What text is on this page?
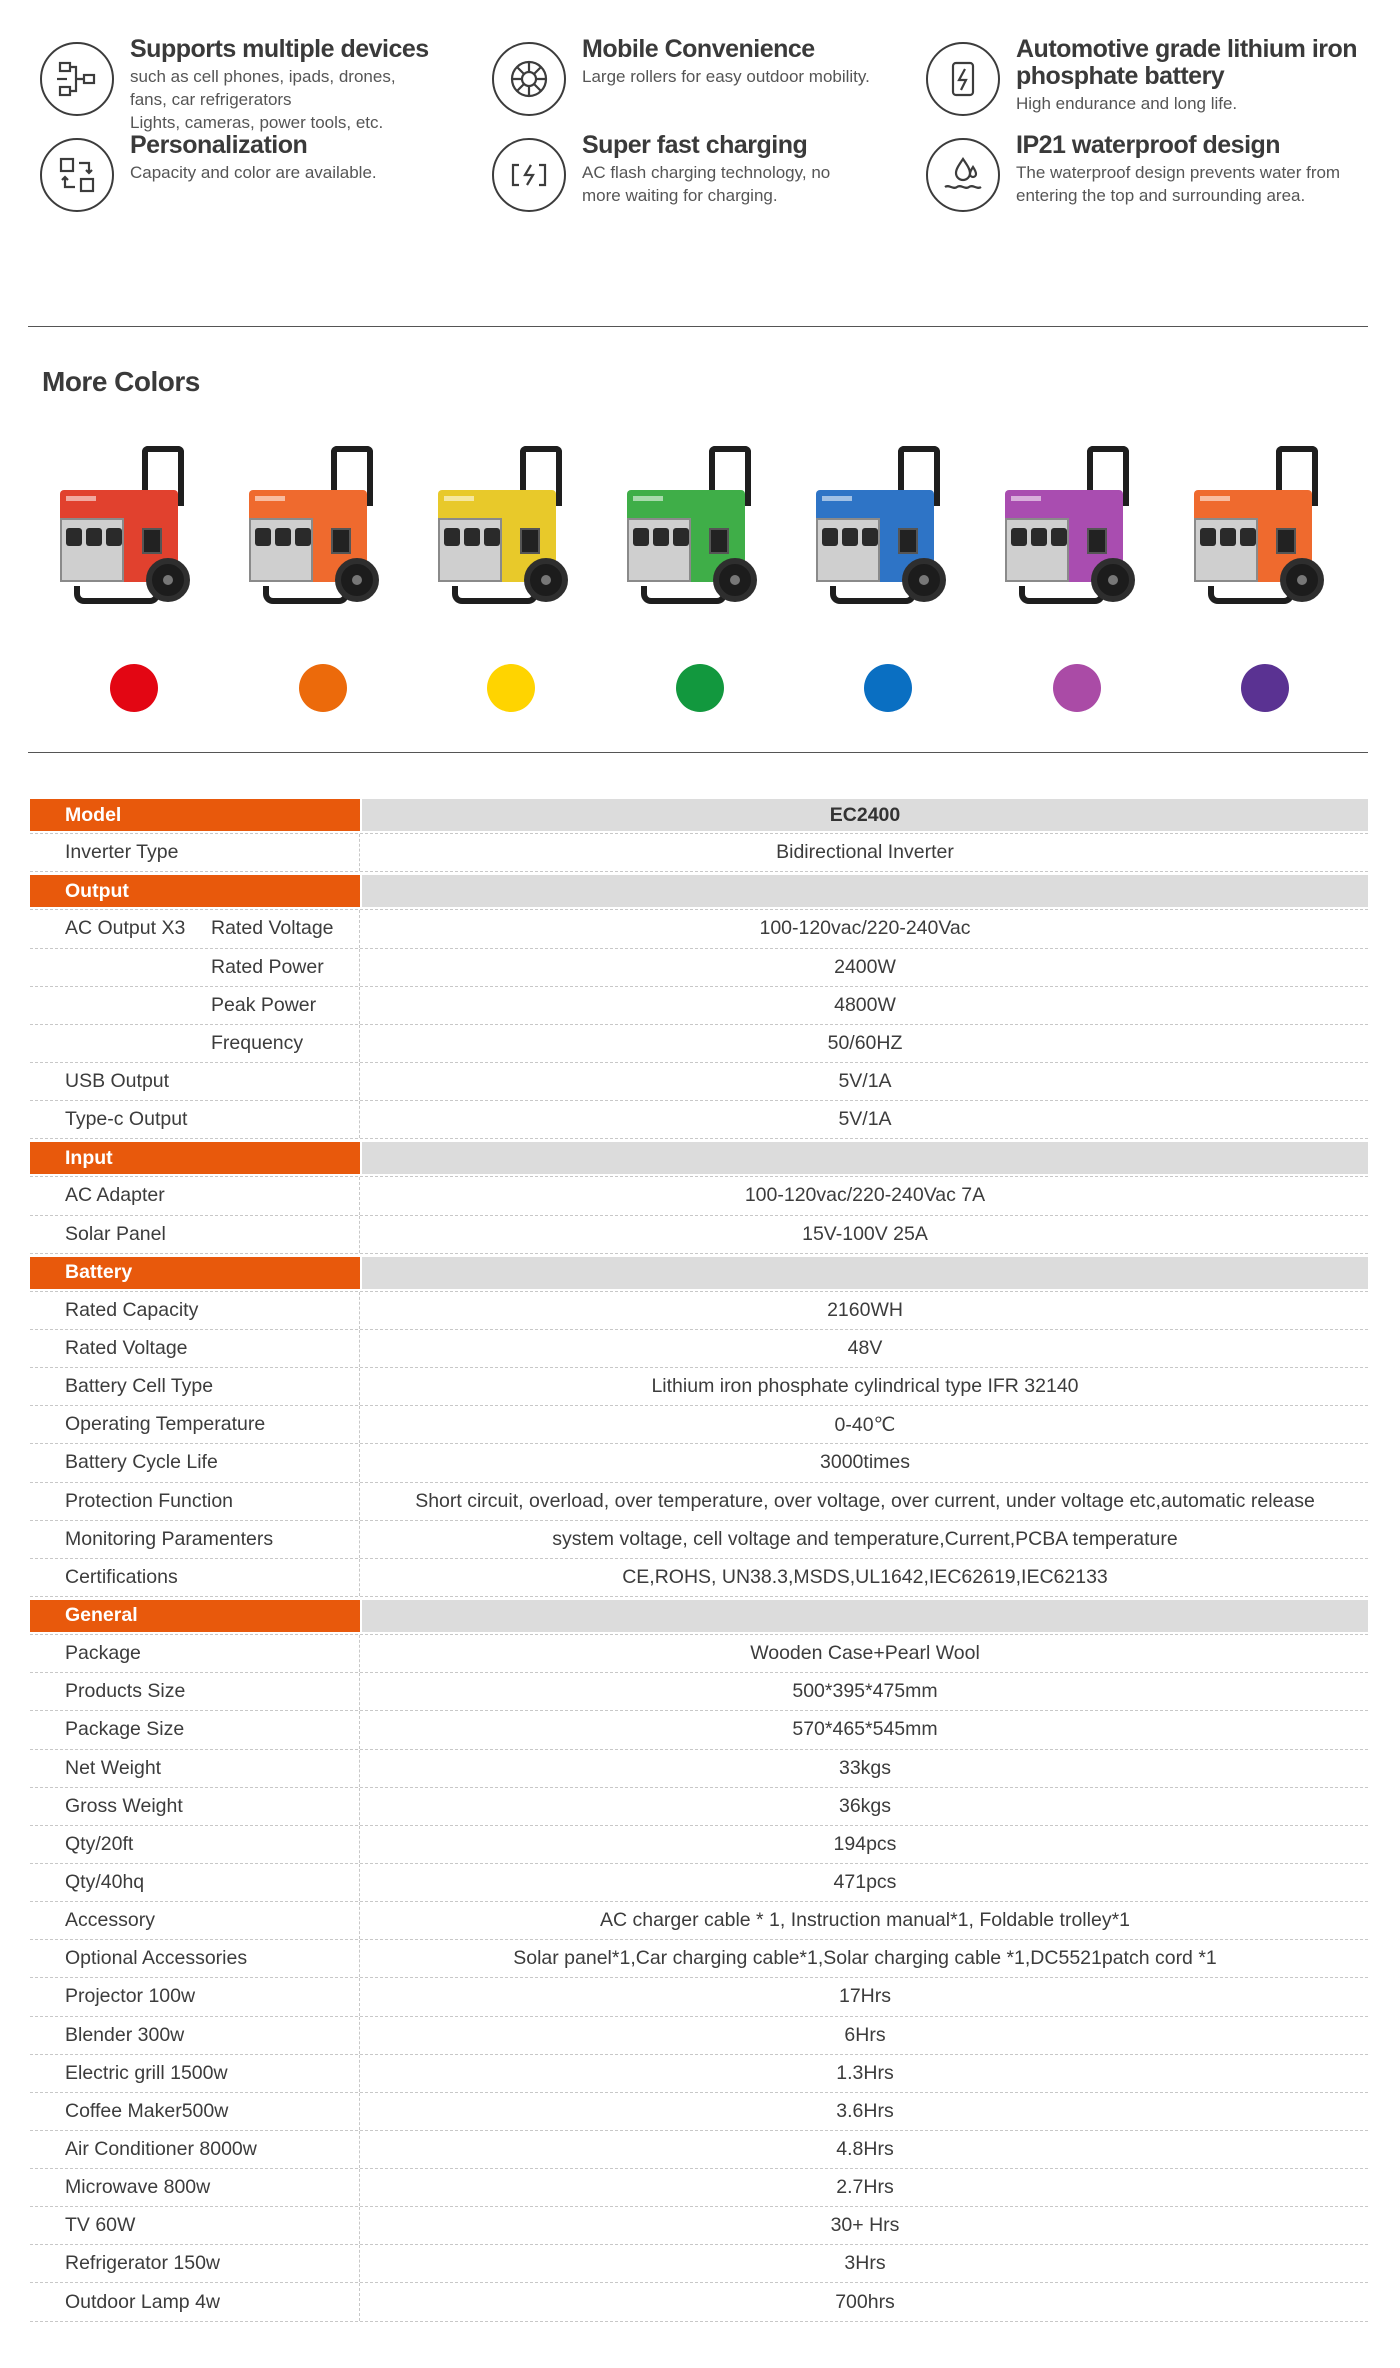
Supports multiple devices
such as cell phones, ipads, drones,
fans, car refrigerators
Lights, cameras, power tools, etc.
Mobile Convenience
Large rollers for easy outdoor mobility.
Automotive grade lithium iron phosphate battery
High endurance and long life.
Personalization
Capacity and color are available.
Super fast charging
AC flash charging technology, no
more waiting for charging.
IP21 waterproof design
The waterproof design prevents water from
entering the top and surrounding area.
More Colors
Model	EC2400
Inverter Type	Bidirectional Inverter
Output
AC Output X3	Rated Voltage	100-120vac/220-240Vac
Rated Power	2400W
Peak Power	4800W
Frequency	50/60HZ
USB Output	5V/1A
Type-c Output	5V/1A
Input
AC Adapter	100-120vac/220-240Vac 7A
Solar Panel	15V-100V 25A
Battery
Rated Capacity	2160WH
Rated Voltage	48V
Battery Cell Type	Lithium iron phosphate cylindrical type IFR 32140
Operating Temperature	0-40℃
Battery Cycle Life	3000times
Protection Function	Short circuit, overload, over temperature, over voltage, over current, under voltage etc,automatic release
Monitoring Paramenters	system voltage, cell voltage and temperature,Current,PCBA temperature
Certifications	CE,ROHS, UN38.3,MSDS,UL1642,IEC62619,IEC62133
General
Package	Wooden Case+Pearl Wool
Products Size	500*395*475mm
Package Size	570*465*545mm
Net Weight	33kgs
Gross Weight	36kgs
Qty/20ft	194pcs
Qty/40hq	471pcs
Accessory	AC charger cable * 1, Instruction manual*1, Foldable trolley*1
Optional Accessories	Solar panel*1,Car charging cable*1,Solar charging cable *1,DC5521patch cord *1
Projector 100w	17Hrs
Blender 300w	6Hrs
Electric grill 1500w	1.3Hrs
Coffee Maker500w	3.6Hrs
Air Conditioner 8000w	4.8Hrs
Microwave 800w	2.7Hrs
TV 60W	30+ Hrs
Refrigerator 150w	3Hrs
Outdoor Lamp 4w	700hrs
